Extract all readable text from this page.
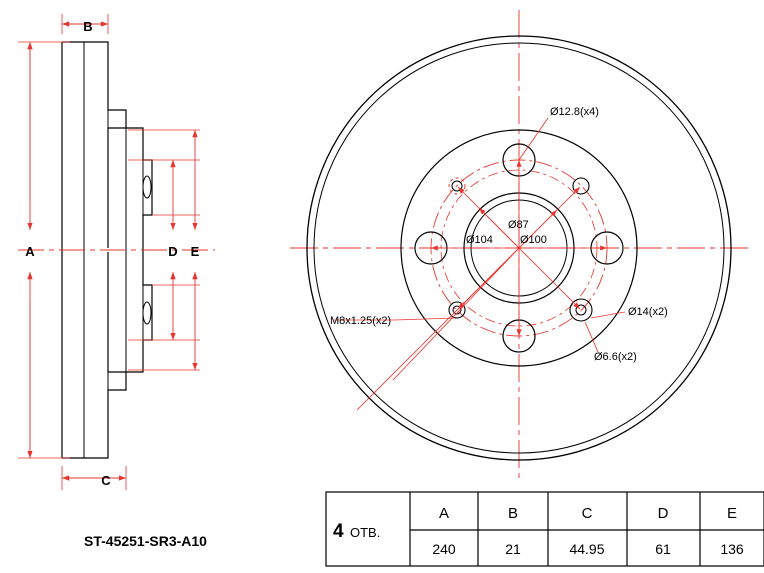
B
A	D E
C
Ø12.8(x4)
Ø87
Ø104 Ø100
M8x1.25(x2)
Ø14(x2)
Ø6.6(x2)
ST-45251-SR3-A10	4 ОТВ.
A	B	C	D	E
240	21	44.95	61	136
